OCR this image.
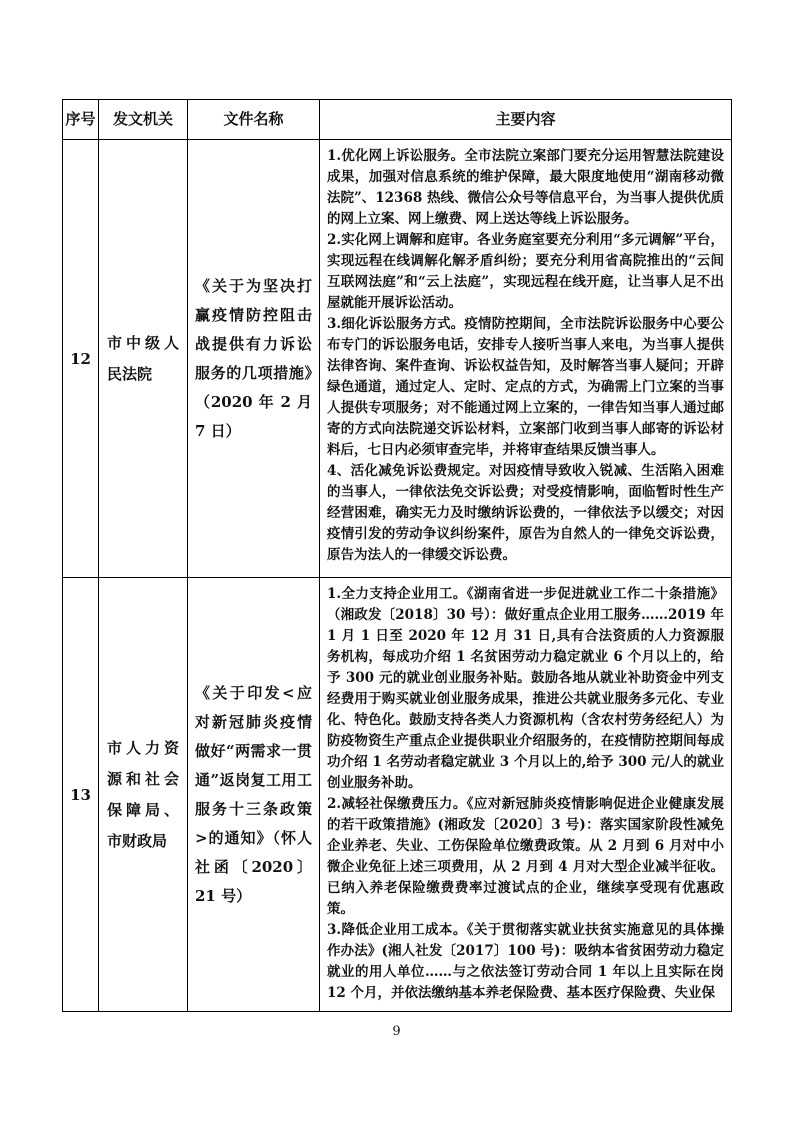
序号	发文机关	文件名称	主要内容
12	市中级人民法院	《关于为坚决打赢疫情防控阻击战提供有力诉讼服务的几项措施》（2020 年 2 月 7 日）	1.优化网上诉讼服务。全市法院立案部门要充分运用智慧法院建设成果，加强对信息系统的维护保障，最大限度地使用“湖南移动微法院”、12368 热线、微信公众号等信息平台，为当事人提供优质的网上立案、网上缴费、网上送达等线上诉讼服务。
2.实化网上调解和庭审。各业务庭室要充分利用“多元调解”平台，实现远程在线调解化解矛盾纠纷；要充分利用省高院推出的“云间互联网法庭”和“云上法庭”，实现远程在线开庭，让当事人足不出屋就能开展诉讼活动。
3.细化诉讼服务方式。疫情防控期间，全市法院诉讼服务中心要公布专门的诉讼服务电话，安排专人接听当事人来电，为当事人提供法律咨询、案件查询、诉讼权益告知，及时解答当事人疑问；开辟绿色通道，通过定人、定时、定点的方式，为确需上门立案的当事人提供专项服务；对不能通过网上立案的，一律告知当事人通过邮寄的方式向法院递交诉讼材料，立案部门收到当事人邮寄的诉讼材料后，七日内必须审查完毕，并将审查结果反馈当事人。
4、活化减免诉讼费规定。对因疫情导致收入锐减、生活陷入困难的当事人，一律依法免交诉讼费；对受疫情影响，面临暂时性生产经营困难，确实无力及时缴纳诉讼费的，一律依法予以缓交；对因疫情引发的劳动争议纠纷案件，原告为自然人的一律免交诉讼费，原告为法人的一律缓交诉讼费。

13	市人力资源和社会保障局、市财政局	《关于印发<应对新冠肺炎疫情做好“两需求一贯通”返岗复工用工服务十三条政策>的通知》（怀人社函〔2020〕21 号）	1.全力支持企业用工。《湖南省进一步促进就业工作二十条措施》（湘政发〔2018〕30 号）：做好重点企业用工服务……2019 年 1 月 1 日至 2020 年 12 月 31 日,具有合法资质的人力资源服务机构，每成功介绍 1 名贫困劳动力稳定就业 6 个月以上的，给予 300 元的就业创业服务补贴。鼓励各地从就业补助资金中列支经费用于购买就业创业服务成果，推进公共就业服务多元化、专业化、特色化。鼓励支持各类人力资源机构（含农村劳务经纪人）为防疫物资生产重点企业提供职业介绍服务的，在疫情防控期间每成功介绍 1 名劳动者稳定就业 3 个月以上的,给予 300 元/人的就业创业服务补助。
2.减轻社保缴费压力。《应对新冠肺炎疫情影响促进企业健康发展的若干政策措施》(湘政发〔2020〕3 号)：落实国家阶段性减免企业养老、失业、工伤保险单位缴费政策。从 2 月到 6 月对中小微企业免征上述三项费用，从 2 月到 4 月对大型企业减半征收。已纳入养老保险缴费费率过渡试点的企业，继续享受现有优惠政策。
3.降低企业用工成本。《关于贯彻落实就业扶贫实施意见的具体操作办法》(湘人社发〔2017〕100 号)：吸纳本省贫困劳动力稳定就业的用人单位……与之依法签订劳动合同 1 年以上且实际在岗 12 个月，并依法缴纳基本养老保险费、基本医疗保险费、失业保
9
